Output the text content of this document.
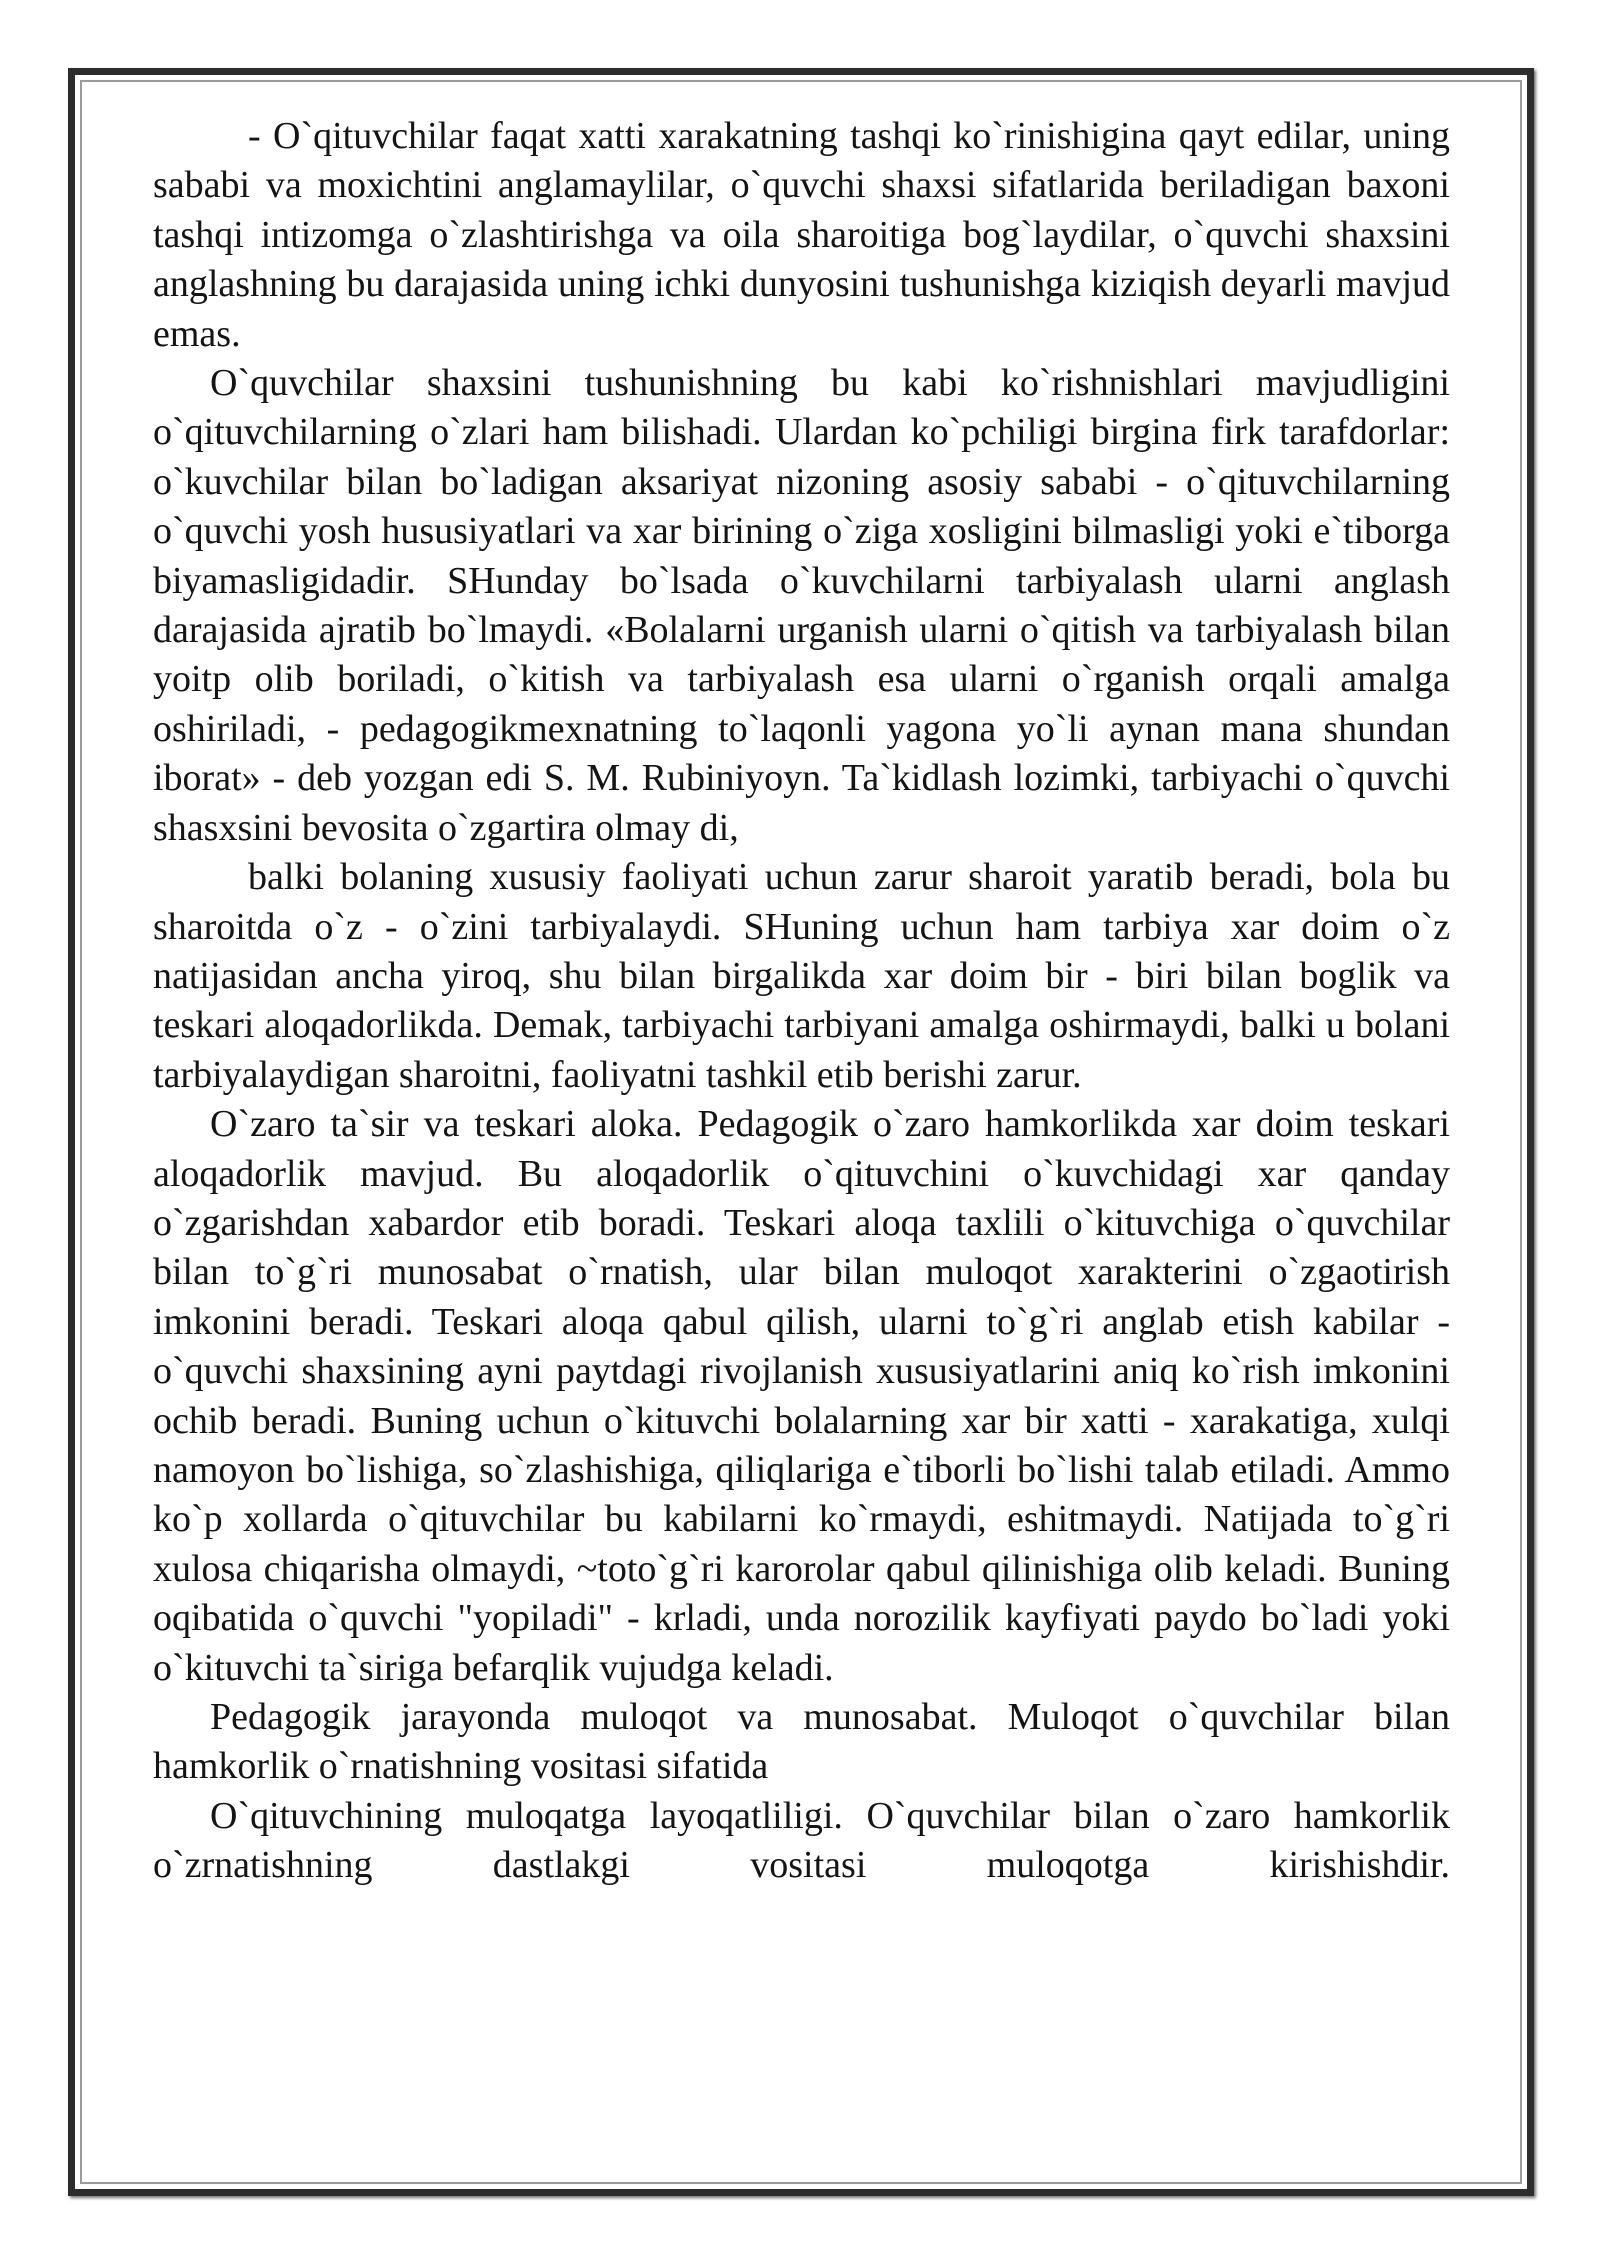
- O`qituvchilar faqat xatti xarakatning tashqi ko`rinishigina qayt edilar, uning sababi va moxichtini anglamaylilar, o`quvchi shaxsi sifatlarida beriladigan baxoni tashqi intizomga o`zlashtirishga va oila sharoitiga bog`laydilar, o`quvchi shaxsini anglashning bu darajasida uning ichki dunyosini tushunishga kiziqish deyarli mavjud emas.

O`quvchilar shaxsini tushunishning bu kabi ko`rishnishlari mavjudligini o`qituvchilarning o`zlari ham bilishadi. Ulardan ko`pchiligi birgina firk tarafdorlar: o`kuvchilar bilan bo`ladigan aksariyat nizoning asosiy sababi - o`qituvchilarning o`quvchi yosh hususiyatlari va xar birining o`ziga xosligini bilmasligi yoki e`tiborga biyamasligidadir. SHunday bo`lsada o`kuvchilarni tarbiyalash ularni anglash darajasida ajratib bo`lmaydi. «Bolalarni urganish ularni o`qitish va tarbiyalash bilan yoitp olib boriladi, o`kitish va tarbiyalash esa ularni o`rganish orqali amalga oshiriladi, - pedagogikmexnatning to`laqonli yagona yo`li aynan mana shundan iborat» - deb yozgan edi S. M. Rubiniyoyn. Ta`kidlash lozimki, tarbiyachi o`quvchi shasxsini bevosita o`zgartira olmay di,

balki bolaning xususiy faoliyati uchun zarur sharoit yaratib beradi, bola bu sharoitda o`z - o`zini tarbiyalaydi. SHuning uchun ham tarbiya xar doim o`z natijasidan ancha yiroq, shu bilan birgalikda xar doim bir - biri bilan boglik va teskari aloqadorlikda. Demak, tarbiyachi tarbiyani amalga oshirmaydi, balki u bolani tarbiyalaydigan sharoitni, faoliyatni tashkil etib berishi zarur.

O`zaro ta`sir va teskari aloka. Pedagogik o`zaro hamkorlikda xar doim teskari aloqadorlik mavjud. Bu aloqadorlik o`qituvchini o`kuvchidagi xar qanday o`zgarishdan xabardor etib boradi. Teskari aloqa taxlili o`kituvchiga o`quvchilar bilan to`g`ri munosabat o`rnatish, ular bilan muloqot xarakterini o`zgaotirish imkonini beradi. Teskari aloqa qabul qilish, ularni to`g`ri anglab etish kabilar - o`quvchi shaxsining ayni paytdagi rivojlanish xususiyatlarini aniq ko`rish imkonini ochib beradi. Buning uchun o`kituvchi bolalarning xar bir xatti - xarakatiga, xulqi namoyon bo`lishiga, so`zlashishiga, qiliqlariga e`tiborli bo`lishi talab etiladi. Ammo ko`p xollarda o`qituvchilar bu kabilarni ko`rmaydi, eshitmaydi. Natijada to`g`ri xulosa chiqarisha olmaydi, ~toto`g`ri karorolar qabul qilinishiga olib keladi. Buning oqibatida o`quvchi "yopiladi" - krladi, unda norozilik kayfiyati paydo bo`ladi yoki o`kituvchi ta`siriga befarqlik vujudga keladi.

Pedagogik jarayonda muloqot va munosabat. Muloqot o`quvchilar bilan hamkorlik o`rnatishning vositasi sifatida

O`qituvchining muloqatga layoqatliligi. O`quvchilar bilan o`zaro hamkorlik o`zrnatishning dastlakgi vositasi muloqotga kirishishdir.
